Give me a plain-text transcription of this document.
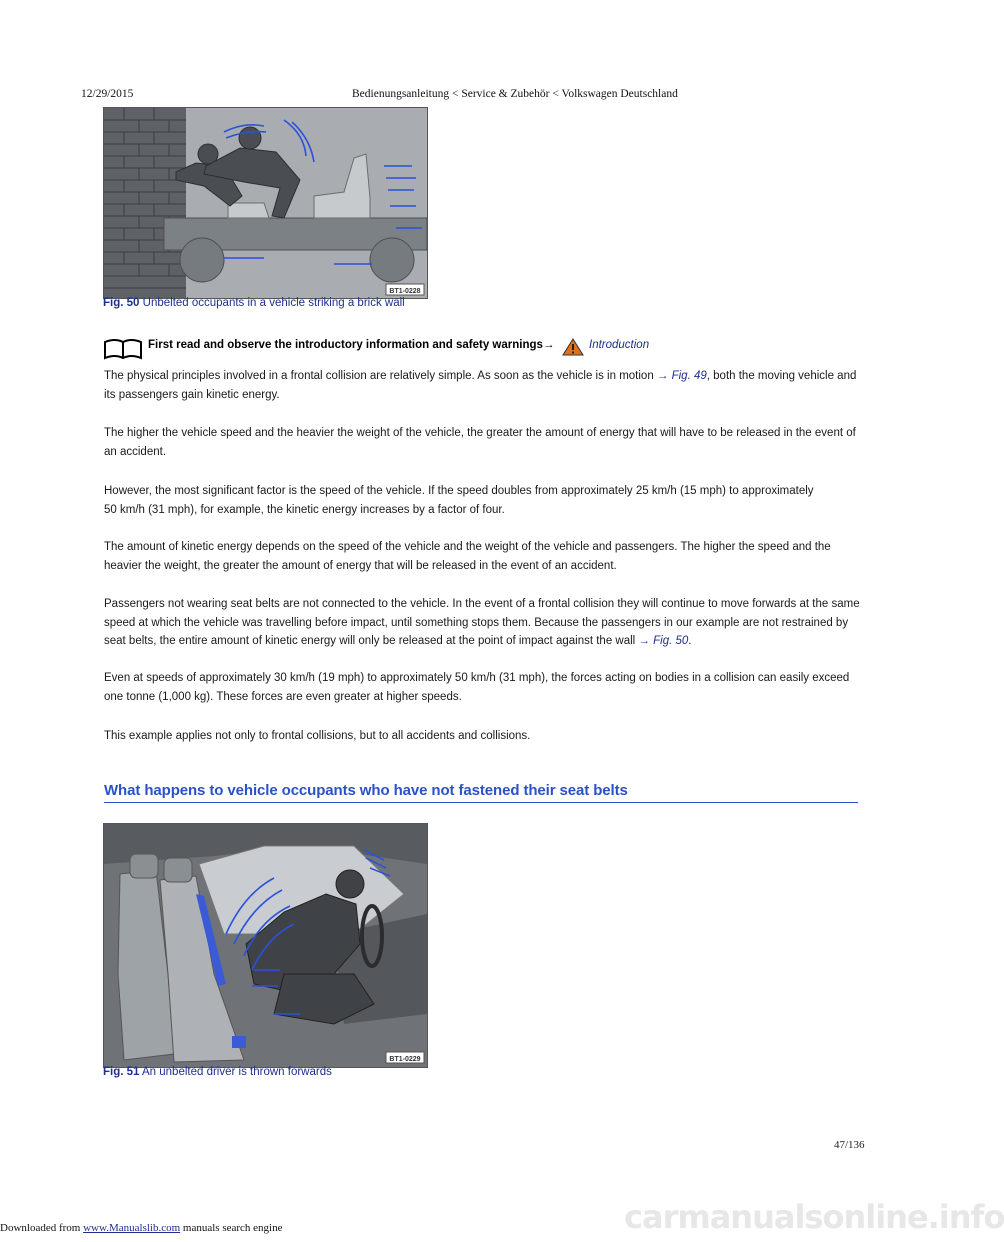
12/29/2015	Bedienungsanleitung < Service & Zubehör < Volkswagen Deutschland
BT1-0228
Fig. 50 Unbelted occupants in a vehicle striking a brick wall
First read and observe the introductory information and safety warnings →	Introduction

The physical principles involved in a frontal collision are relatively simple. As soon as the vehicle is in motion → Fig. 49, both the moving vehicle and its passengers gain kinetic energy.

The higher the vehicle speed and the heavier the weight of the vehicle, the greater the amount of energy that will have to be released in the event of an accident.

However, the most significant factor is the speed of the vehicle. If the speed doubles from approximately 25 km/h (15 mph) to approximately
50 km/h (31 mph), for example, the kinetic energy increases by a factor of four.

The amount of kinetic energy depends on the speed of the vehicle and the weight of the vehicle and passengers. The higher the speed and the heavier the weight, the greater the amount of energy that will be released in the event of an accident.

Passengers not wearing seat belts are not connected to the vehicle. In the event of a frontal collision they will continue to move forwards at the same speed at which the vehicle was travelling before impact, until something stops them. Because the passengers in our example are not restrained by seat belts, the entire amount of kinetic energy will only be released at the point of impact against the wall → Fig. 50.

Even at speeds of approximately 30 km/h (19 mph) to approximately 50 km/h (31 mph), the forces acting on bodies in a collision can easily exceed one tonne (1,000 kg). These forces are even greater at higher speeds.

This example applies not only to frontal collisions, but to all accidents and collisions.

What happens to vehicle occupants who have not fastened their seat belts
BT1-0229
Fig. 51 An unbelted driver is thrown forwards
47/136
carmanualsonline.info
Downloaded from www.Manualslib.com manuals search engine
